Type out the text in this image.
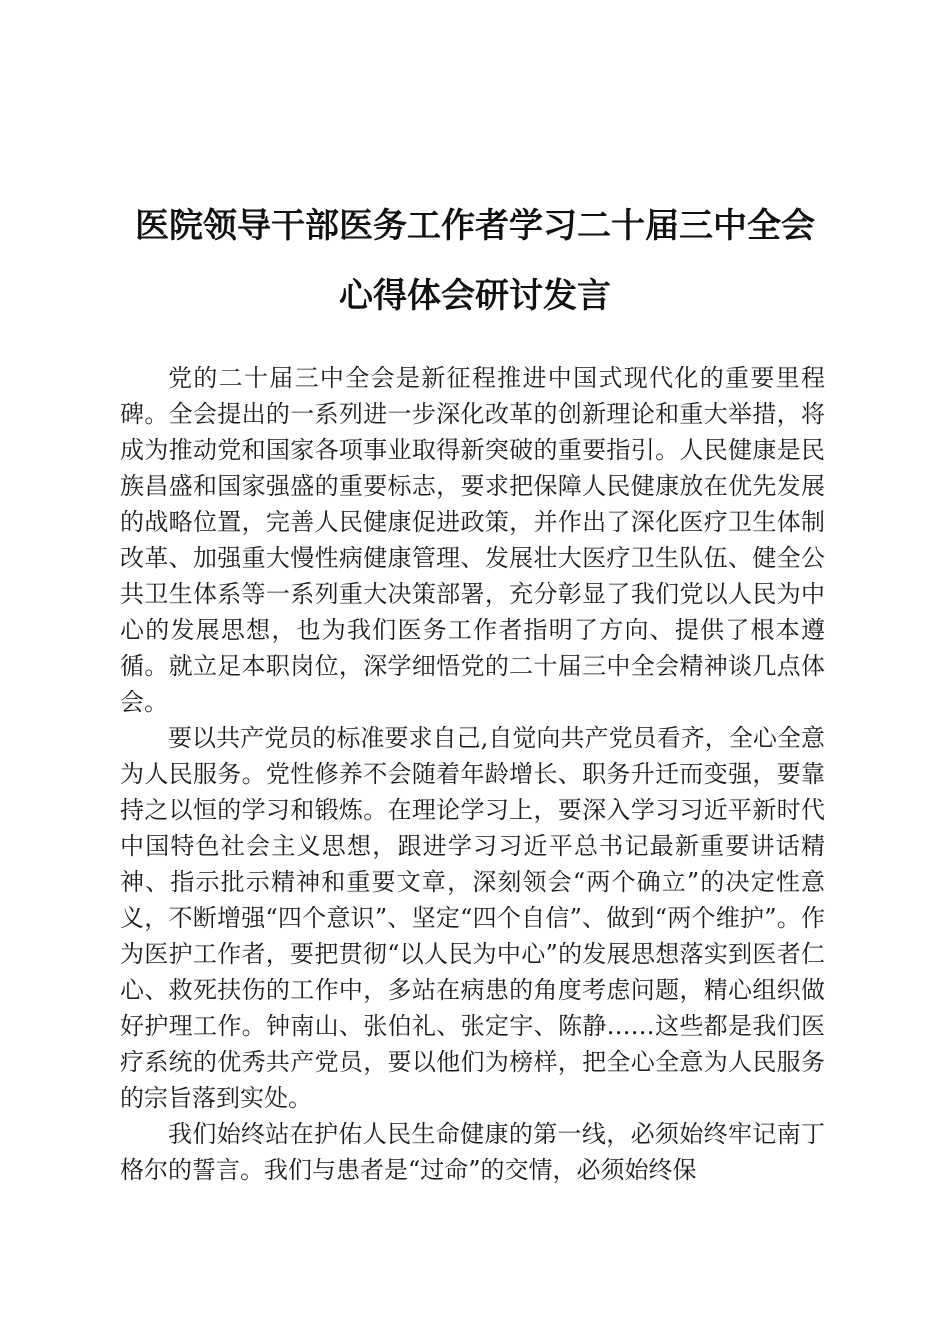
医院领导干部医务工作者学习二十届三中全会
心得体会研讨发言

党的二十届三中全会是新征程推进中国式现代化的重要里程碑。全会提出的一系列进一步深化改革的创新理论和重大举措，将成为推动党和国家各项事业取得新突破的重要指引。人民健康是民族昌盛和国家强盛的重要标志，要求把保障人民健康放在优先发展的战略位置，完善人民健康促进政策，并作出了深化医疗卫生体制改革、加强重大慢性病健康管理、发展壮大医疗卫生队伍、健全公共卫生体系等一系列重大决策部署，充分彰显了我们党以人民为中心的发展思想，也为我们医务工作者指明了方向、提供了根本遵循。就立足本职岗位，深学细悟党的二十届三中全会精神谈几点体会。

要以共产党员的标准要求自己,自觉向共产党员看齐，全心全意为人民服务。党性修养不会随着年龄增长、职务升迁而变强，要靠持之以恒的学习和锻炼。在理论学习上，要深入学习习近平新时代中国特色社会主义思想，跟进学习习近平总书记最新重要讲话精神、指示批示精神和重要文章，深刻领会“两个确立”的决定性意义，不断增强“四个意识”、坚定“四个自信”、做到“两个维护”。作为医护工作者，要把贯彻“以人民为中心”的发展思想落实到医者仁心、救死扶伤的工作中，多站在病患的角度考虑问题，精心组织做好护理工作。钟南山、张伯礼、张定宇、陈静……这些都是我们医疗系统的优秀共产党员，要以他们为榜样，把全心全意为人民服务的宗旨落到实处。

我们始终站在护佑人民生命健康的第一线，必须始终牢记南丁格尔的誓言。我们与患者是“过命”的交情，必须始终保
